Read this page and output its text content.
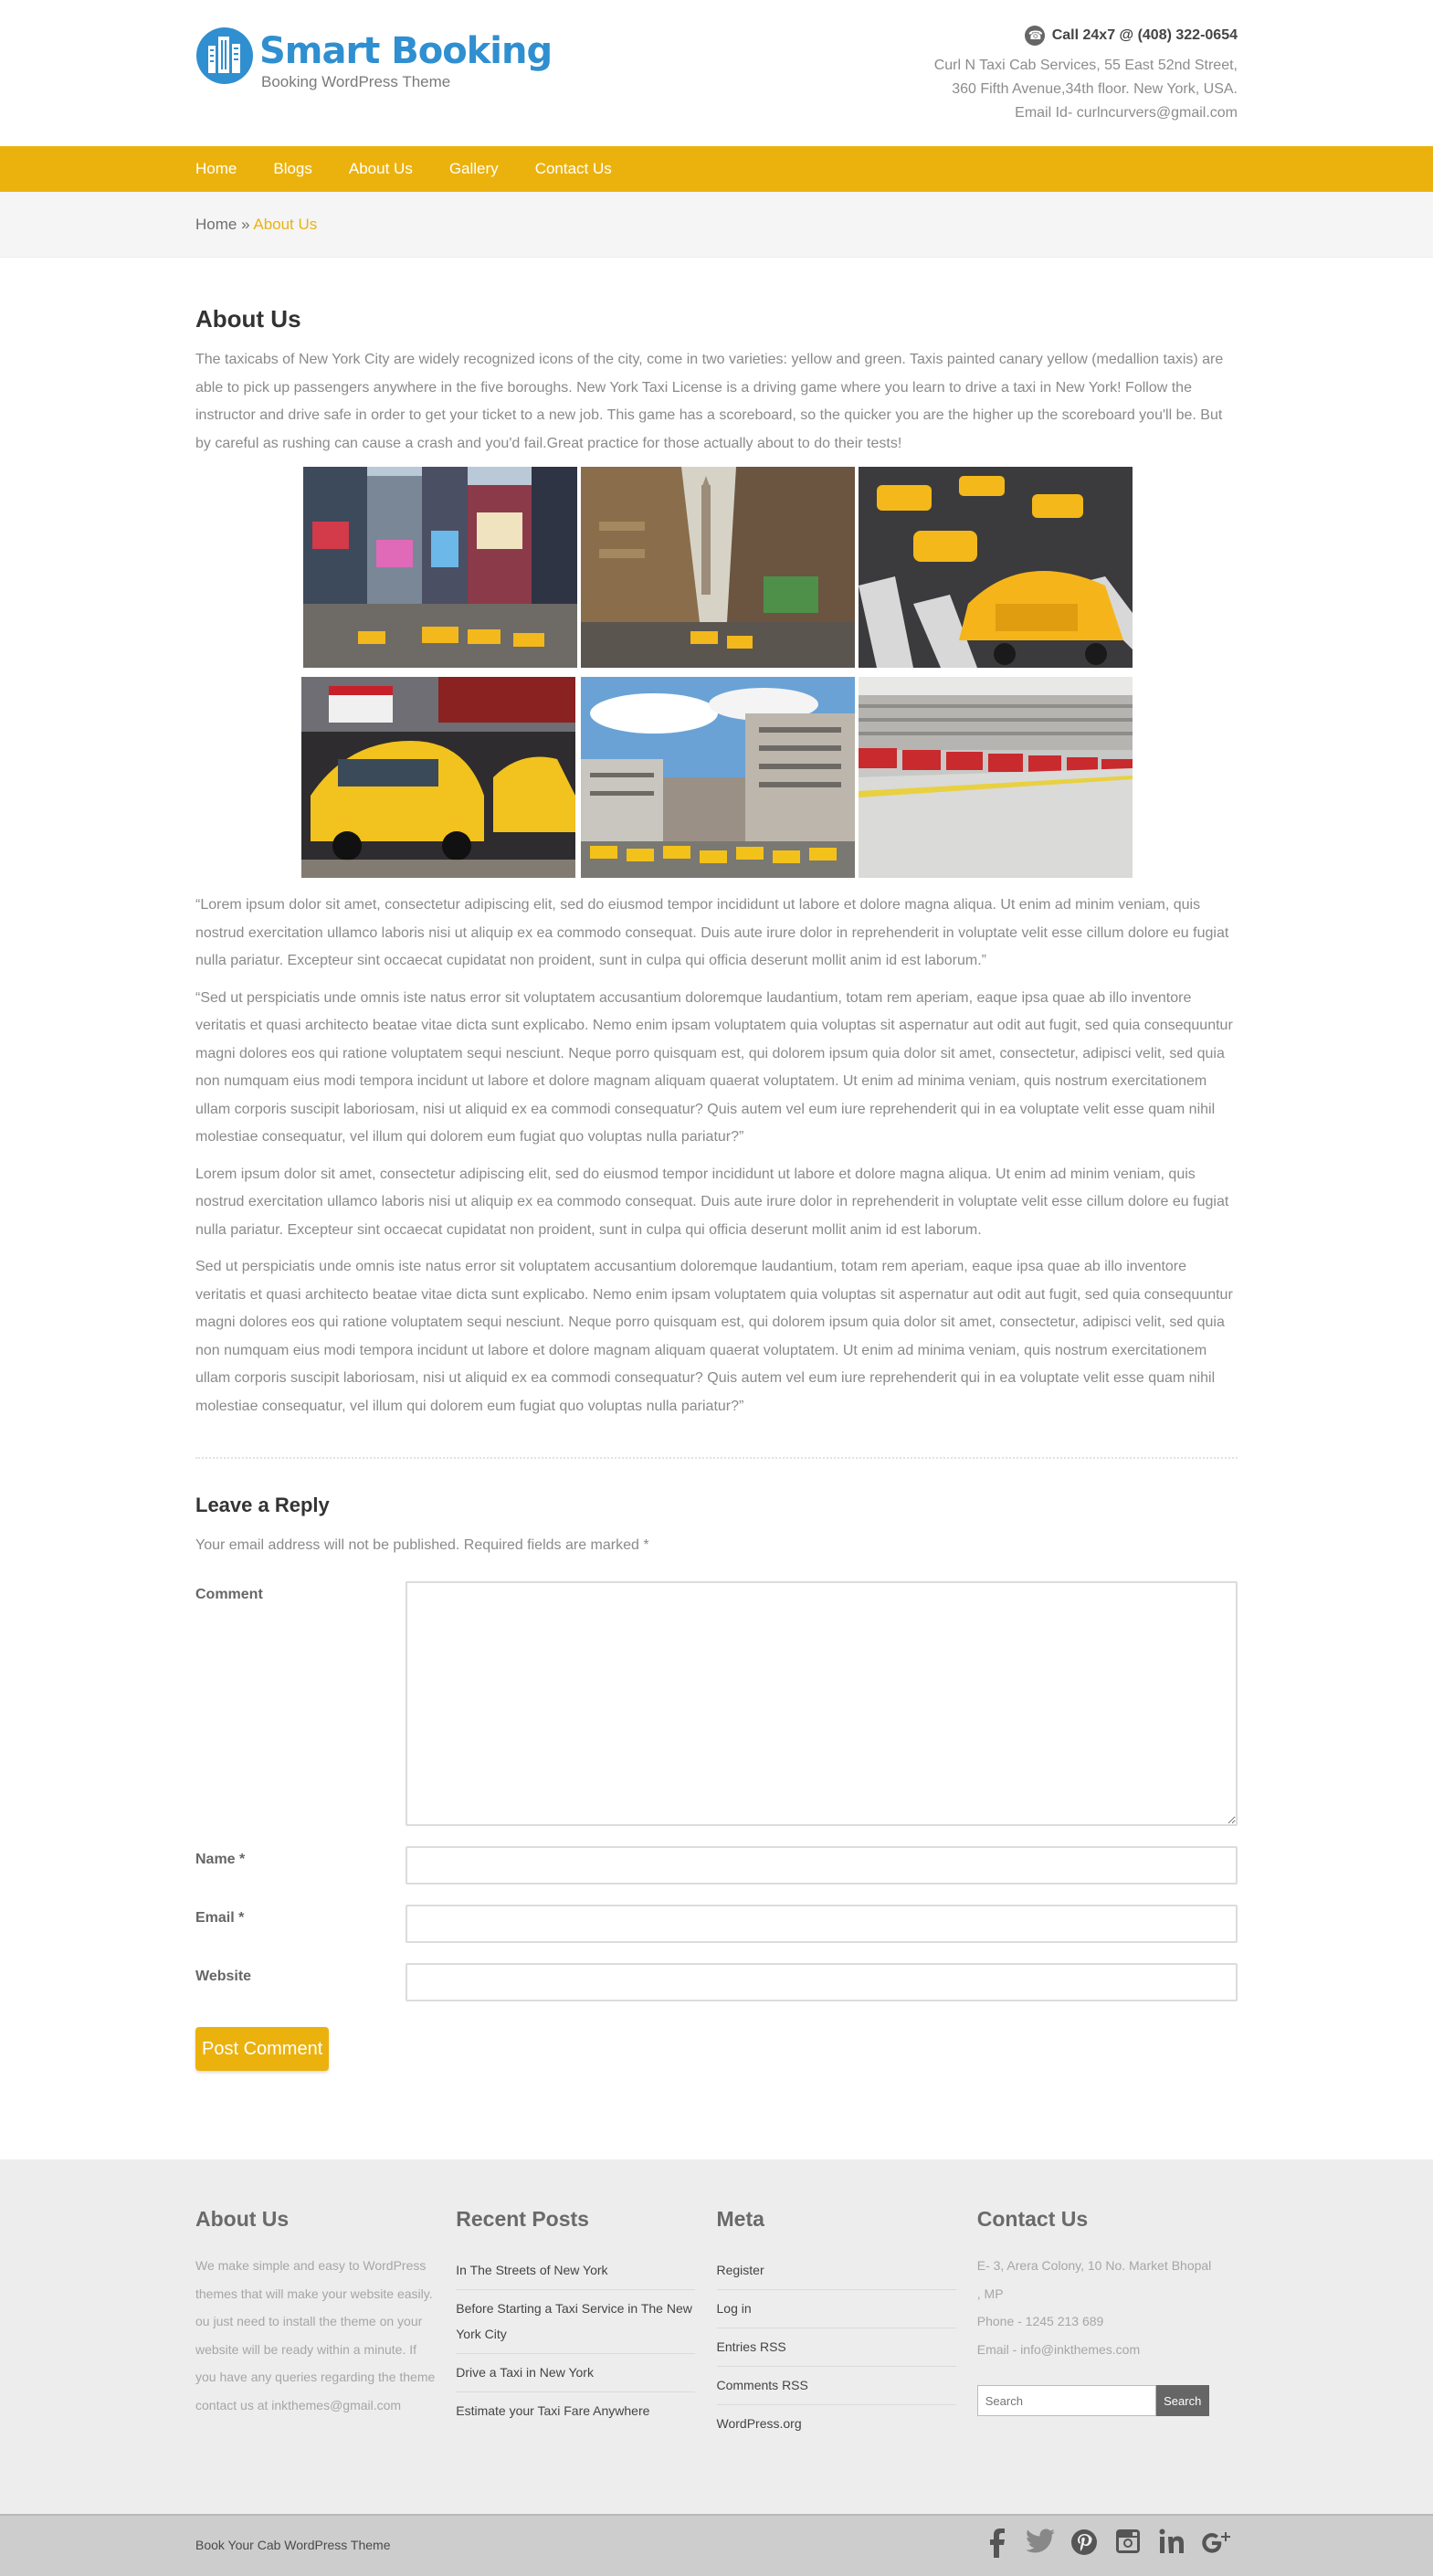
Smart Booking
Booking WordPress Theme
☎
Call 24x7 @ (408) 322-0654
Curl N Taxi Cab Services, 55 East 52nd Street,
360 Fifth Avenue,34th floor. New York, USA.
Email Id- curlncurvers@gmail.com
Home Blogs About Us Gallery Contact Us
Home » About Us
About Us

The taxicabs of New York City are widely recognized icons of the city, come in two varieties: yellow and green. Taxis painted canary yellow (medallion taxis) are able to pick up passengers anywhere in the five boroughs. New York Taxi License is a driving game where you learn to drive a taxi in New York! Follow the instructor and drive safe in order to get your ticket to a new job. This game has a scoreboard, so the quicker you are the higher up the scoreboard you'll be. But by careful as rushing can cause a crash and you'd fail.Great practice for those actually about to do their tests!

“Lorem ipsum dolor sit amet, consectetur adipiscing elit, sed do eiusmod tempor incididunt ut labore et dolore magna aliqua. Ut enim ad minim veniam, quis nostrud exercitation ullamco laboris nisi ut aliquip ex ea commodo consequat. Duis aute irure dolor in reprehenderit in voluptate velit esse cillum dolore eu fugiat nulla pariatur. Excepteur sint occaecat cupidatat non proident, sunt in culpa qui officia deserunt mollit anim id est laborum.”

“Sed ut perspiciatis unde omnis iste natus error sit voluptatem accusantium doloremque laudantium, totam rem aperiam, eaque ipsa quae ab illo inventore veritatis et quasi architecto beatae vitae dicta sunt explicabo. Nemo enim ipsam voluptatem quia voluptas sit aspernatur aut odit aut fugit, sed quia consequuntur magni dolores eos qui ratione voluptatem sequi nesciunt. Neque porro quisquam est, qui dolorem ipsum quia dolor sit amet, consectetur, adipisci velit, sed quia non numquam eius modi tempora incidunt ut labore et dolore magnam aliquam quaerat voluptatem. Ut enim ad minima veniam, quis nostrum exercitationem ullam corporis suscipit laboriosam, nisi ut aliquid ex ea commodi consequatur? Quis autem vel eum iure reprehenderit qui in ea voluptate velit esse quam nihil molestiae consequatur, vel illum qui dolorem eum fugiat quo voluptas nulla pariatur?”

Lorem ipsum dolor sit amet, consectetur adipiscing elit, sed do eiusmod tempor incididunt ut labore et dolore magna aliqua. Ut enim ad minim veniam, quis nostrud exercitation ullamco laboris nisi ut aliquip ex ea commodo consequat. Duis aute irure dolor in reprehenderit in voluptate velit esse cillum dolore eu fugiat nulla pariatur. Excepteur sint occaecat cupidatat non proident, sunt in culpa qui officia deserunt mollit anim id est laborum.

Sed ut perspiciatis unde omnis iste natus error sit voluptatem accusantium doloremque laudantium, totam rem aperiam, eaque ipsa quae ab illo inventore veritatis et quasi architecto beatae vitae dicta sunt explicabo. Nemo enim ipsam voluptatem quia voluptas sit aspernatur aut odit aut fugit, sed quia consequuntur magni dolores eos qui ratione voluptatem sequi nesciunt. Neque porro quisquam est, qui dolorem ipsum quia dolor sit amet, consectetur, adipisci velit, sed quia non numquam eius modi tempora incidunt ut labore et dolore magnam aliquam quaerat voluptatem. Ut enim ad minima veniam, quis nostrum exercitationem ullam corporis suscipit laboriosam, nisi ut aliquid ex ea commodi consequatur? Quis autem vel eum iure reprehenderit qui in ea voluptate velit esse quam nihil molestiae consequatur, vel illum qui dolorem eum fugiat quo voluptas nulla pariatur?”

Leave a Reply
Your email address will not be published. Required fields are marked *
Comment
Name *
Email *
Website
Post Comment
About Us
We make simple and easy to WordPress themes that will make your website easily. ou just need to install the theme on your website will be ready within a minute. If you have any queries regarding the theme contact us at inkthemes@gmail.com
Recent Posts
In The Streets of New York
Before Starting a Taxi Service in The New York City
Drive a Taxi in New York
Estimate your Taxi Fare Anywhere
Meta
Register
Log in
Entries RSS
Comments RSS
WordPress.org
Contact Us
E- 3, Arera Colony, 10 No. Market Bhopal , MP
Phone - 1245 213 689
Email - info@inkthemes.com
Search
Search
Book Your Cab WordPress Theme
